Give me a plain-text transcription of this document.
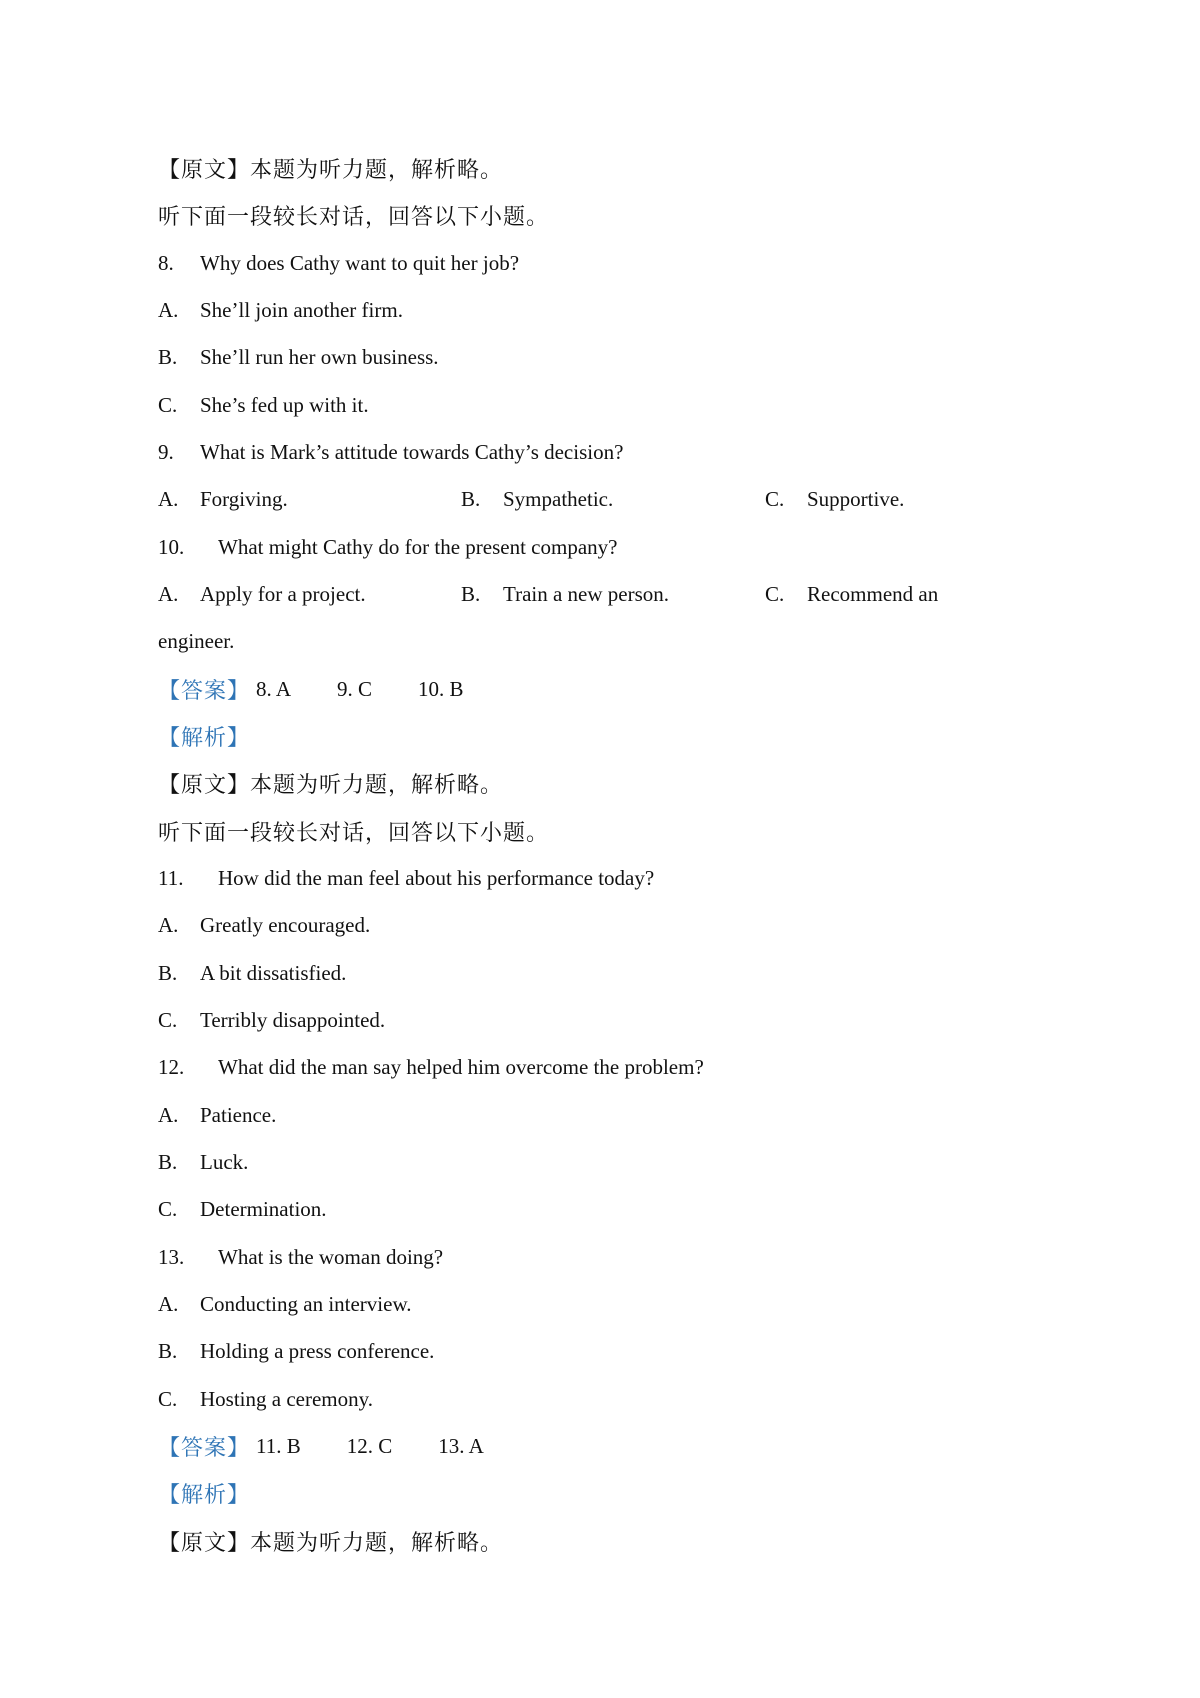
【原文】 本题为听力题，解析略。
听下面一段较长对话，回答以下小题。
8.	Why does Cathy want to quit her job?
A.	She’ll join another firm.
B.	She’ll run her own business.
C.	She’s fed up with it.
9.	What is Mark’s attitude towards Cathy’s decision?
A.	Forgiving.	B.	Sympathetic.	C.	Supportive.
10.	What might Cathy do for the present company?
A.	Apply for a project.	B.	Train a new person.	C.	Recommend an
engineer.
【答案】 8. A 9. C 10. B
【解析】
【原文】 本题为听力题，解析略。
听下面一段较长对话，回答以下小题。
11.	How did the man feel about his performance today?
A.	Greatly encouraged.
B.	A bit dissatisfied.
C.	Terribly disappointed.
12.	What did the man say helped him overcome the problem?
A.	Patience.
B.	Luck.
C.	Determination.
13.	What is the woman doing?
A.	Conducting an interview.
B.	Holding a press conference.
C.	Hosting a ceremony.
【答案】 11. B 12. C 13. A
【解析】
【原文】 本题为听力题，解析略。
